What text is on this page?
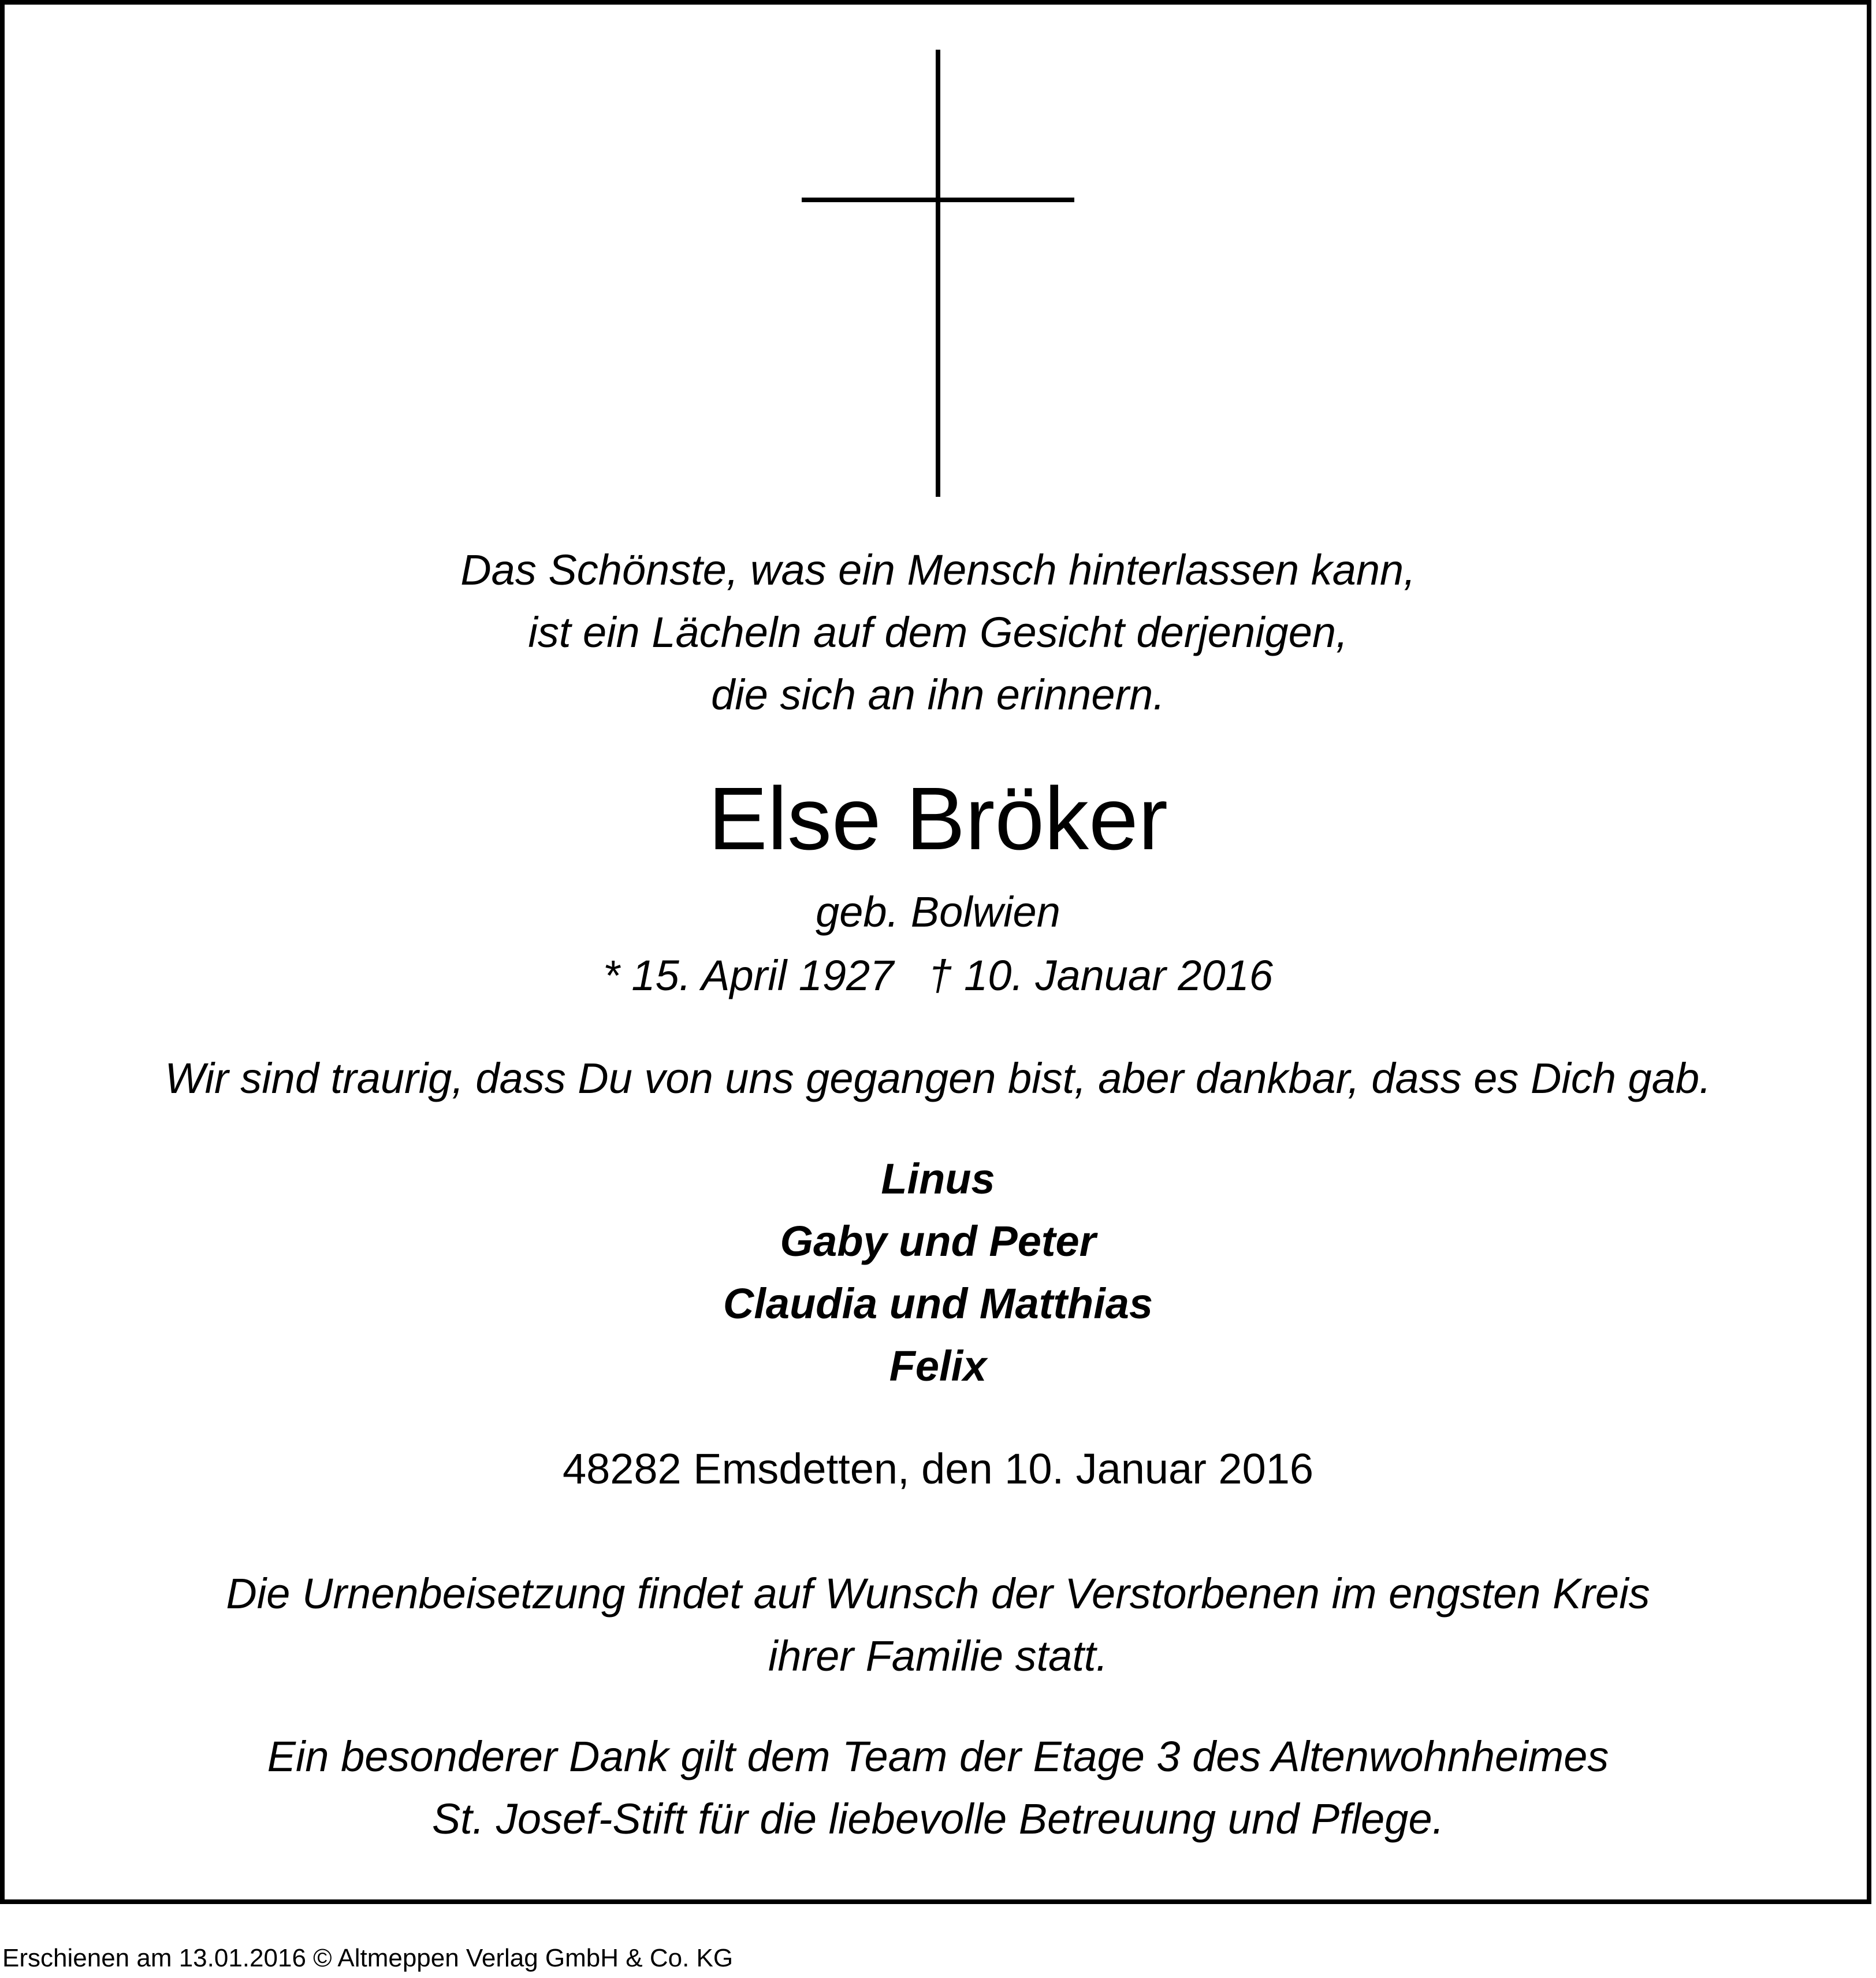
Das Schönste, was ein Mensch hinterlassen kann,
ist ein Lächeln auf dem Gesicht derjenigen,
die sich an ihn erinnern.
Else Bröker
geb. Bolwien
* 15. April 1927 † 10. Januar 2016
Wir sind traurig, dass Du von uns gegangen bist, aber dankbar, dass es Dich gab.
Linus
Gaby und Peter
Claudia und Matthias
Felix
48282 Emsdetten, den 10. Januar 2016
Die Urnenbeisetzung findet auf Wunsch der Verstorbenen im engsten Kreis
ihrer Familie statt.
Ein besonderer Dank gilt dem Team der Etage 3 des Altenwohnheimes
St. Josef-Stift für die liebevolle Betreuung und Pflege.
Erschienen am 13.01.2016 © Altmeppen Verlag GmbH & Co. KG
